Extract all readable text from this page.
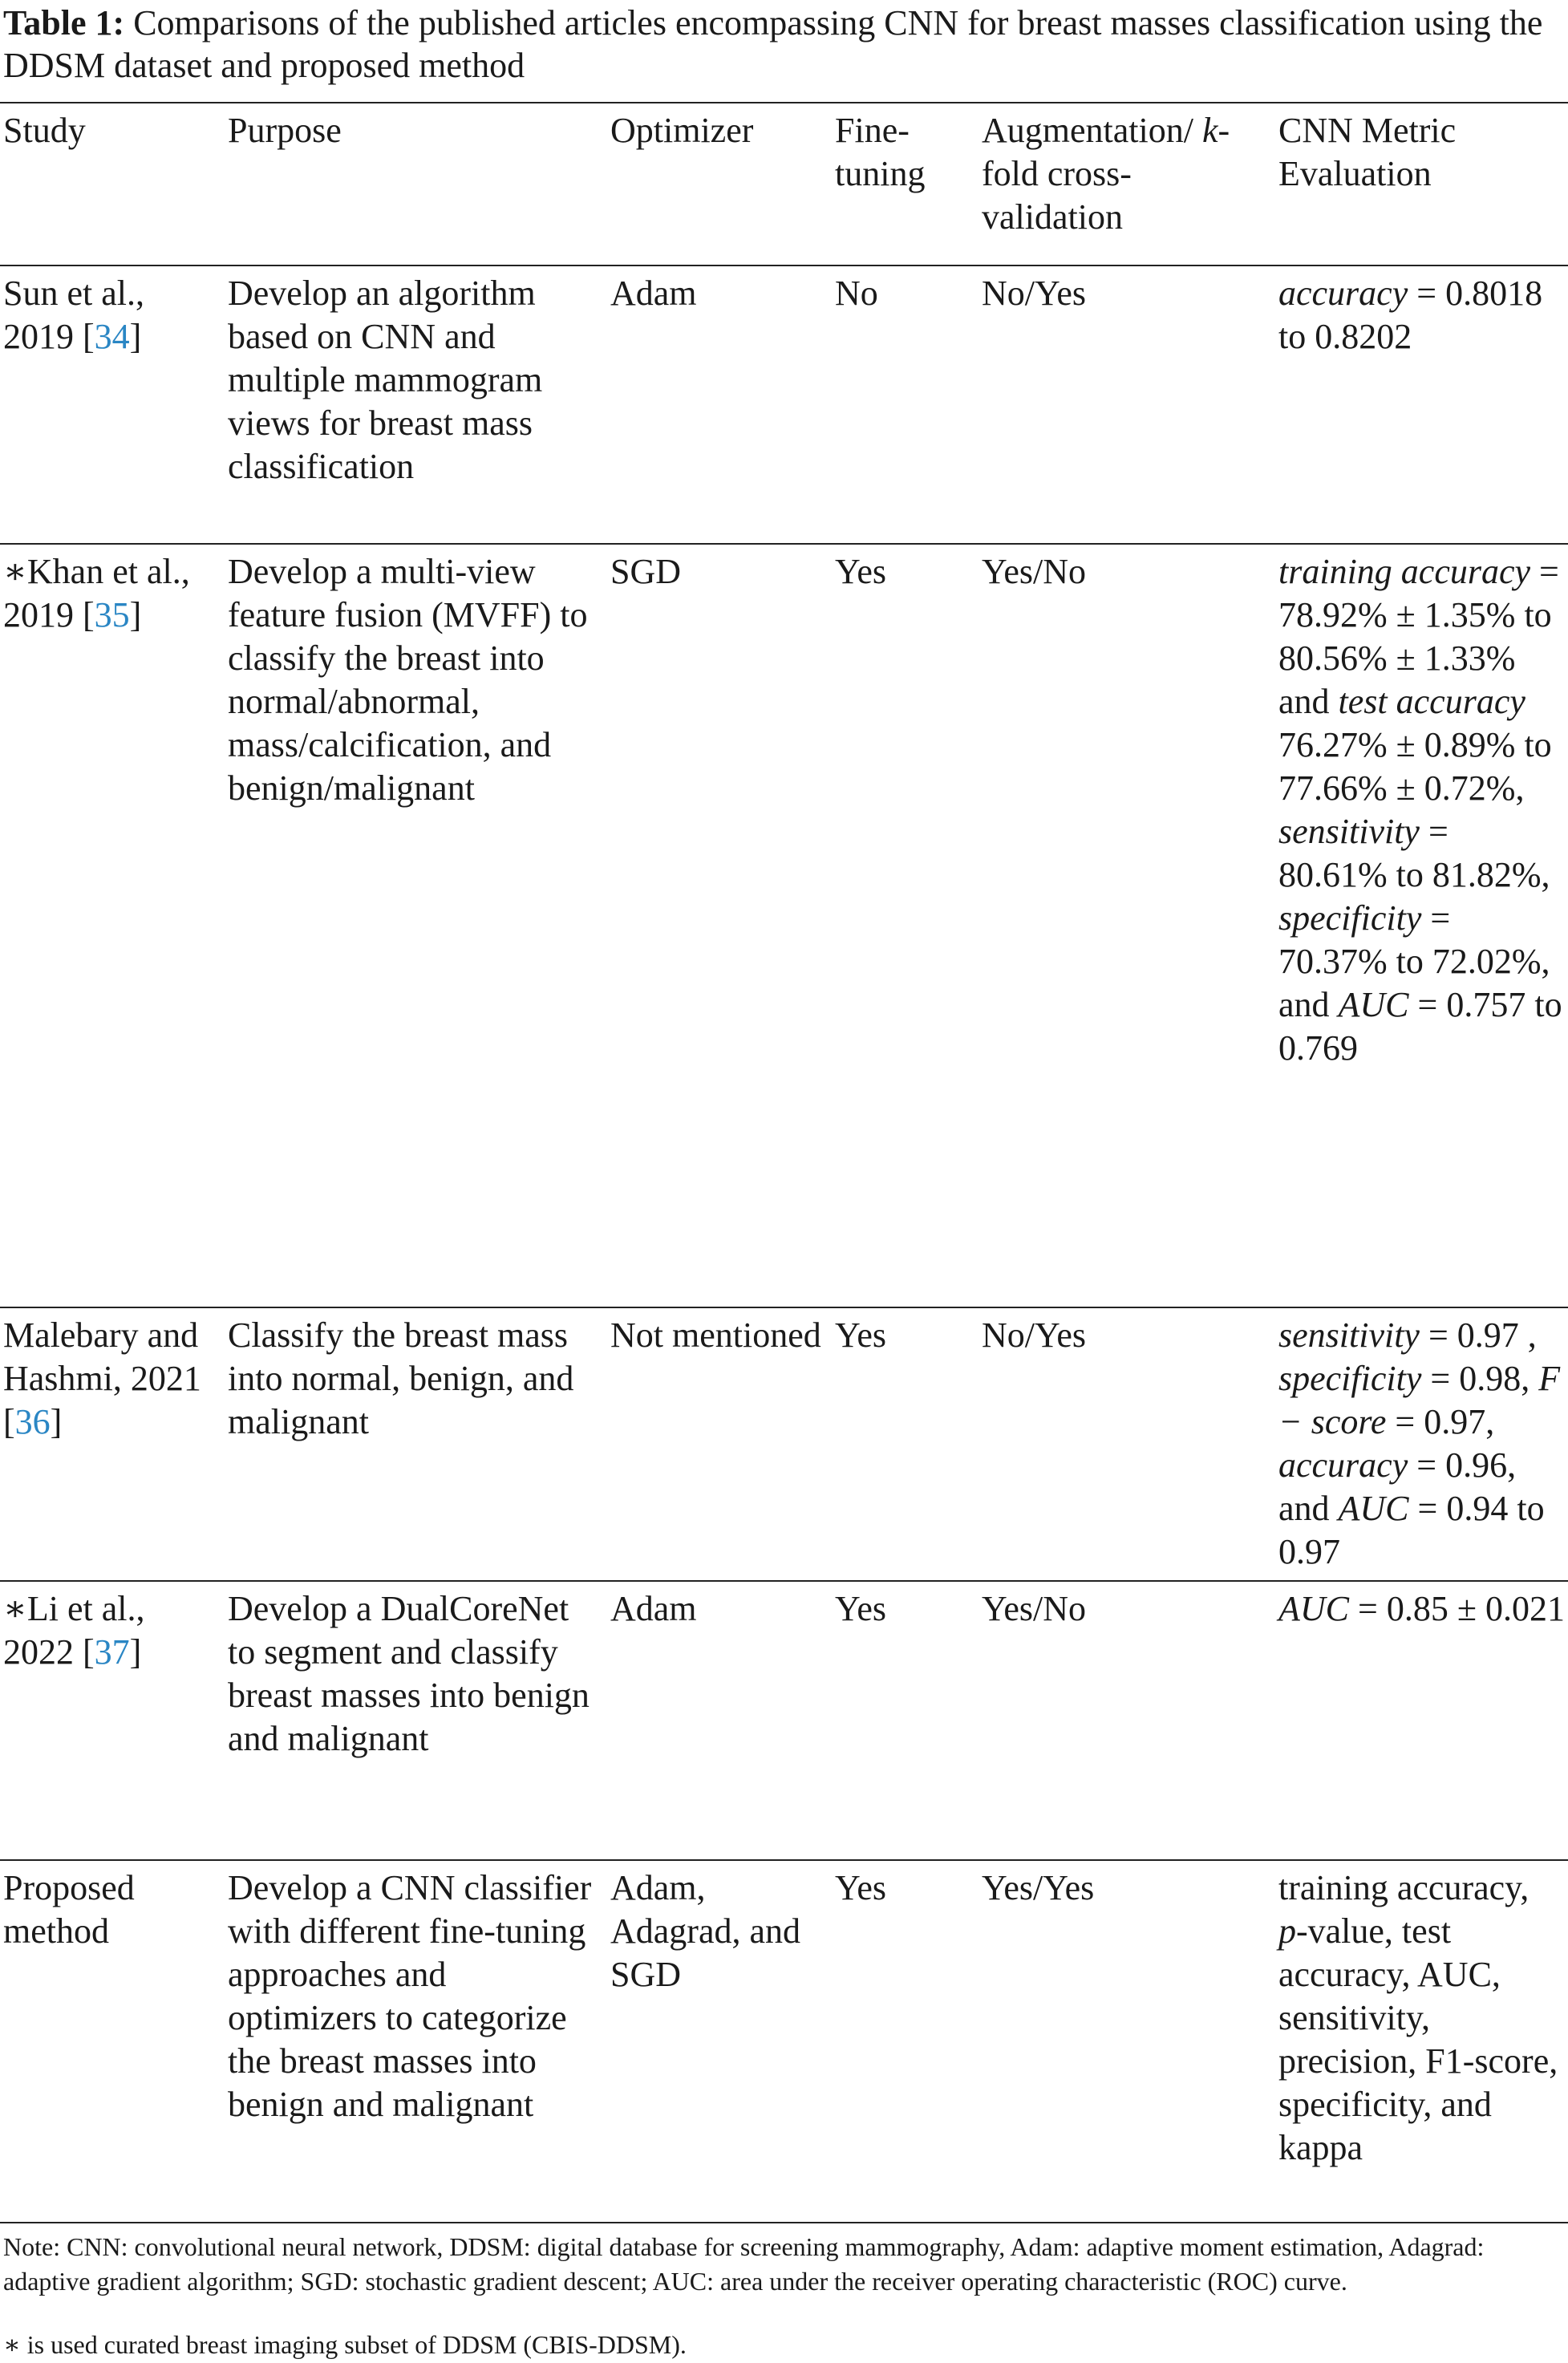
Table 1: Comparisons of the published articles encompassing CNN for breast masses classification using the DDSM dataset and proposed method
Study	Purpose	Optimizer	Fine-tuning	Augmentation/ k-fold cross-validation	CNN Metric Evaluation
Sun et al., 2019 [34]	Develop an algorithm based on CNN and multiple mammogram views for breast mass classification	Adam	No	No/Yes	accuracy = 0.8018 to 0.8202
∗Khan et al., 2019 [35]	Develop a multi-view feature fusion (MVFF) to classify the breast into normal/abnormal, mass/calcification, and benign/malignant	SGD	Yes	Yes/No	training accuracy = 78.92% ± 1.35% to 80.56% ± 1.33% and test accuracy 76.27% ± 0.89% to 77.66% ± 0.72%, sensitivity = 80.61% to 81.82%, specificity = 70.37% to 72.02%, and AUC = 0.757 to 0.769
Malebary and Hashmi, 2021 [36]	Classify the breast mass into normal, benign, and malignant	Not mentioned	Yes	No/Yes	sensitivity = 0.97 , specificity = 0.98, F − score = 0.97, accuracy = 0.96, and AUC = 0.94 to 0.97
∗Li et al., 2022 [37]	Develop a DualCoreNet to segment and classify breast masses into benign and malignant	Adam	Yes	Yes/No	AUC = 0.85 ± 0.021
Proposed method	Develop a CNN classifier with different fine-tuning approaches and optimizers to categorize the breast masses into benign and malignant	Adam, Adagrad, and SGD	Yes	Yes/Yes	training accuracy, p-value, test accuracy, AUC, sensitivity, precision, F1-score, specificity, and kappa
Note: CNN: convolutional neural network, DDSM: digital database for screening mammography, Adam: adaptive moment estimation, Adagrad: adaptive gradient algorithm; SGD: stochastic gradient descent; AUC: area under the receiver operating characteristic (ROC) curve.
∗ is used curated breast imaging subset of DDSM (CBIS-DDSM).
